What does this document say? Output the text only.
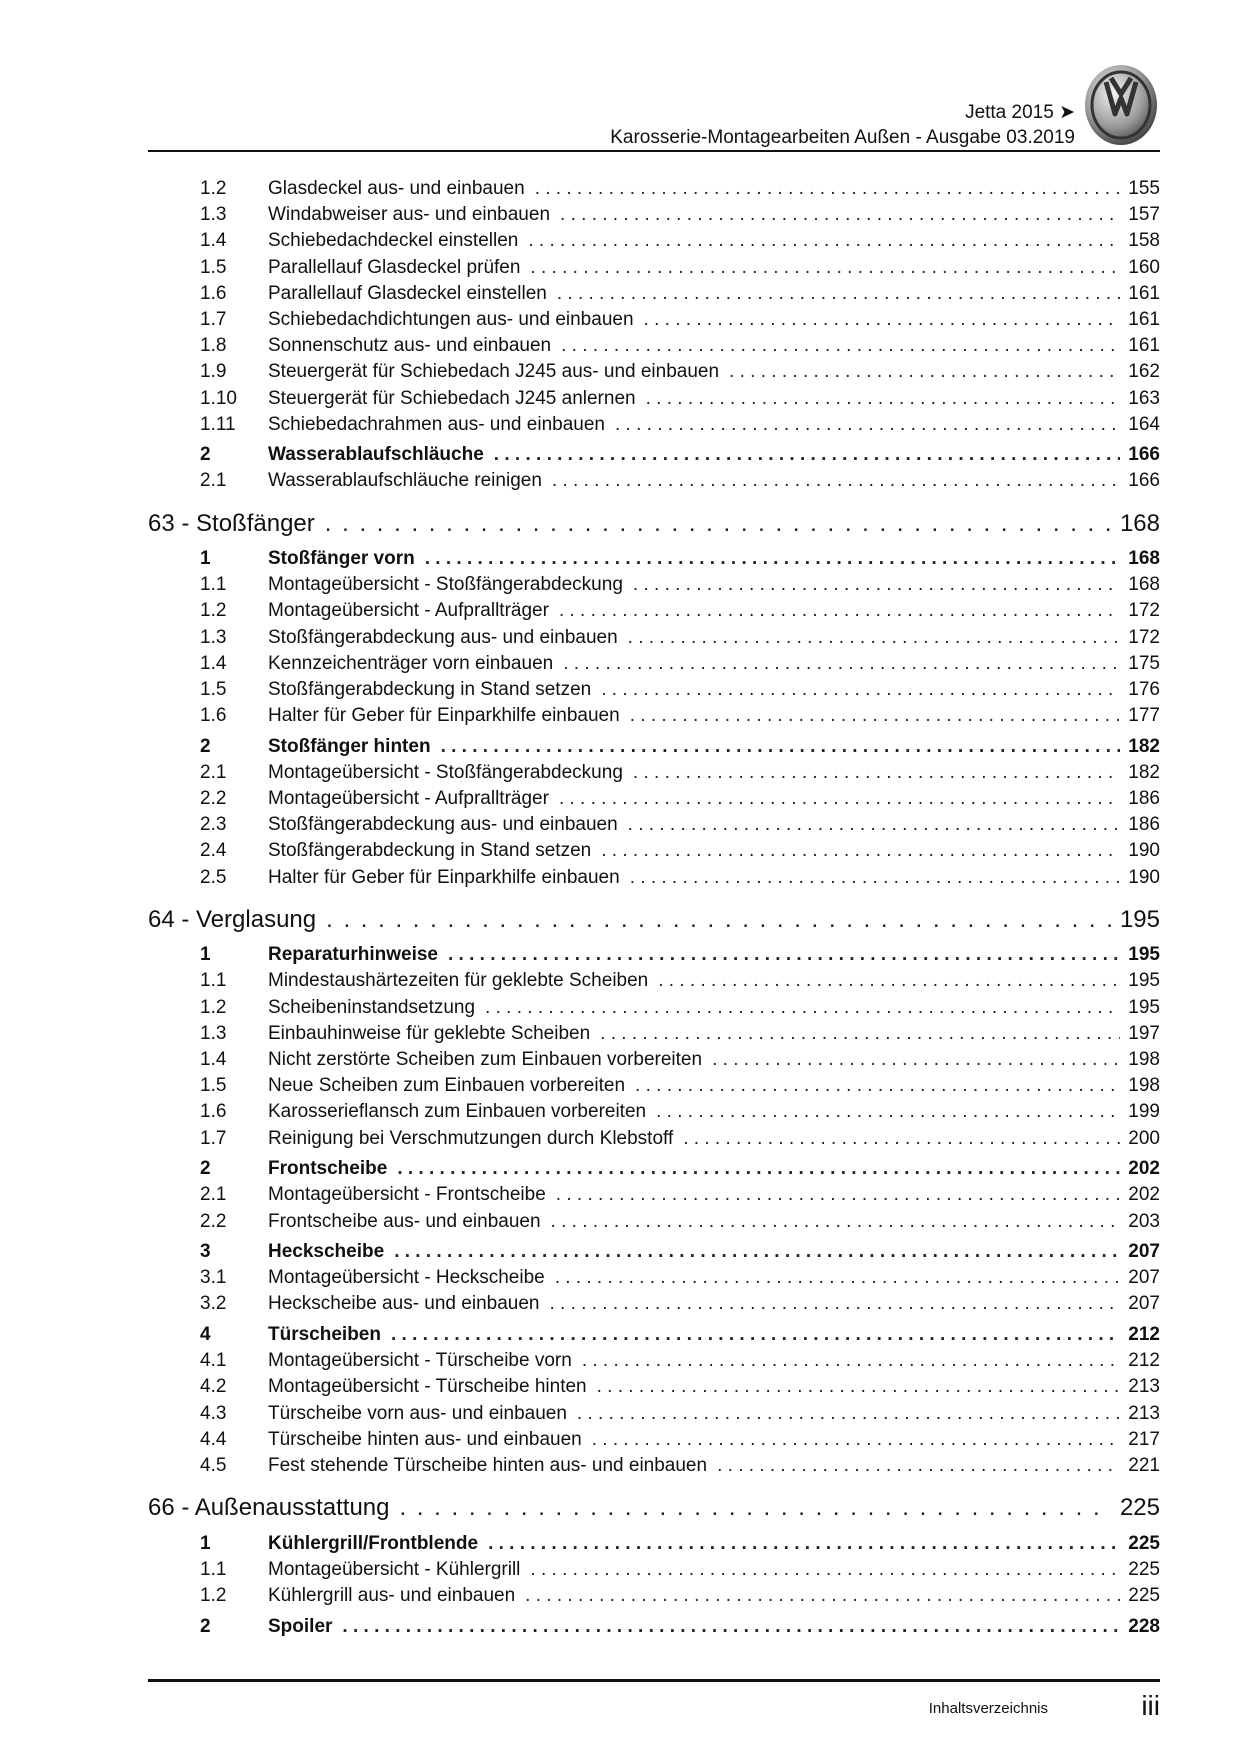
Jetta 2015 ➤
Karosserie-Montagearbeiten Außen - Ausgabe 03.2019
1.2	Glasdeckel aus- und einbauen . . .	155
1.3	Windabweiser aus- und einbauen . . .	157
1.4	Schiebedachdeckel einstellen . . .	158
1.5	Parallellauf Glasdeckel prüfen . . .	160
1.6	Parallellauf Glasdeckel einstellen . . .	161
1.7	Schiebedachdichtungen aus- und einbauen . . .	161
1.8	Sonnenschutz aus- und einbauen . . .	161
1.9	Steuergerät für Schiebedach J245 aus- und einbauen . . .	162
1.10	Steuergerät für Schiebedach J245 anlernen . . .	163
1.11	Schiebedachrahmen aus- und einbauen . . .	164
2	Wasserablaufschläuche . . .	166
2.1	Wasserablaufschläuche reinigen . . .	166
63 - Stoßfänger . . .	168
1	Stoßfänger vorn . . .	168
1.1	Montageübersicht - Stoßfängerabdeckung . . .	168
1.2	Montageübersicht - Aufprallträger . . .	172
1.3	Stoßfängerabdeckung aus- und einbauen . . .	172
1.4	Kennzeichenträger vorn einbauen . . .	175
1.5	Stoßfängerabdeckung in Stand setzen . . .	176
1.6	Halter für Geber für Einparkhilfe einbauen . . .	177
2	Stoßfänger hinten . . .	182
2.1	Montageübersicht - Stoßfängerabdeckung . . .	182
2.2	Montageübersicht - Aufprallträger . . .	186
2.3	Stoßfängerabdeckung aus- und einbauen . . .	186
2.4	Stoßfängerabdeckung in Stand setzen . . .	190
2.5	Halter für Geber für Einparkhilfe einbauen . . .	190
64 - Verglasung . . .	195
1	Reparaturhinweise . . .	195
1.1	Mindestaushärtezeiten für geklebte Scheiben . . .	195
1.2	Scheibeninstandsetzung . . .	195
1.3	Einbauhinweise für geklebte Scheiben . . .	197
1.4	Nicht zerstörte Scheiben zum Einbauen vorbereiten . . .	198
1.5	Neue Scheiben zum Einbauen vorbereiten . . .	198
1.6	Karosserieflansch zum Einbauen vorbereiten . . .	199
1.7	Reinigung bei Verschmutzungen durch Klebstoff . . .	200
2	Frontscheibe . . .	202
2.1	Montageübersicht - Frontscheibe . . .	202
2.2	Frontscheibe aus- und einbauen . . .	203
3	Heckscheibe . . .	207
3.1	Montageübersicht - Heckscheibe . . .	207
3.2	Heckscheibe aus- und einbauen . . .	207
4	Türscheiben . . .	212
4.1	Montageübersicht - Türscheibe vorn . . .	212
4.2	Montageübersicht - Türscheibe hinten . . .	213
4.3	Türscheibe vorn aus- und einbauen . . .	213
4.4	Türscheibe hinten aus- und einbauen . . .	217
4.5	Fest stehende Türscheibe hinten aus- und einbauen . . .	221
66 - Außenausstattung . . .	225
1	Kühlergrill/Frontblende . . .	225
1.1	Montageübersicht - Kühlergrill . . .	225
1.2	Kühlergrill aus- und einbauen . . .	225
2	Spoiler . . .	228
Inhaltsverzeichnis	iii
